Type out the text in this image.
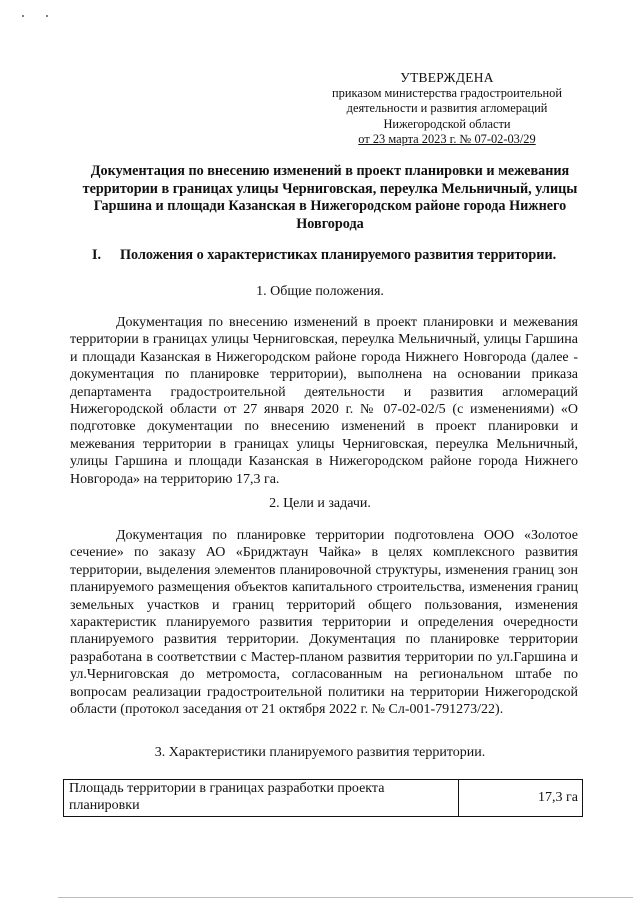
УТВЕРЖДЕНА
приказом министерства градостроительной
деятельности и развития агломераций
Нижегородской области
от 23 марта 2023 г. № 07-02-03/29
Документация по внесению изменений в проект планировки и межевания территории в границах улицы Черниговская, переулка Мельничный, улицы Гаршина и площади Казанская в Нижегородском районе города Нижнего Новгорода
I. Положения о характеристиках планируемого развития территории.
1. Общие положения.

Документация по внесению изменений в проект планировки и межевания территории в границах улицы Черниговская, переулка Мельничный, улицы Гаршина и площади Казанская в Нижегородском районе города Нижнего Новгорода (далее - документация по планировке территории), выполнена на основании приказа департамента градостроительной деятельности и развития агломераций Нижегородской области от 27 января 2020 г. № 07-02-02/5 (с изменениями) «О подготовке документации по внесению изменений в проект планировки и межевания территории в границах улицы Черниговская, переулка Мельничный, улицы Гаршина и площади Казанская в Нижегородском районе города Нижнего Новгорода» на территорию 17,3 га.

2. Цели и задачи.

Документация по планировке территории подготовлена ООО «Золотое сечение» по заказу АО «Бриджтаун Чайка» в целях комплексного развития территории, выделения элементов планировочной структуры, изменения границ зон планируемого размещения объектов капитального строительства, изменения границ земельных участков и границ территорий общего пользования, изменения характеристик планируемого развития территории и определения очередности планируемого развития территории. Документация по планировке территории разработана в соответствии с Мастер-планом развития территории по ул.Гаршина и ул.Черниговская до метромоста, согласованным на региональном штабе по вопросам реализации градостроительной политики на территории Нижегородской области (протокол заседания от 21 октября 2022 г. № Сл-001-791273/22).

3. Характеристики планируемого развития территории.
Площадь территории в границах разработки проекта планировки	17,3 га
